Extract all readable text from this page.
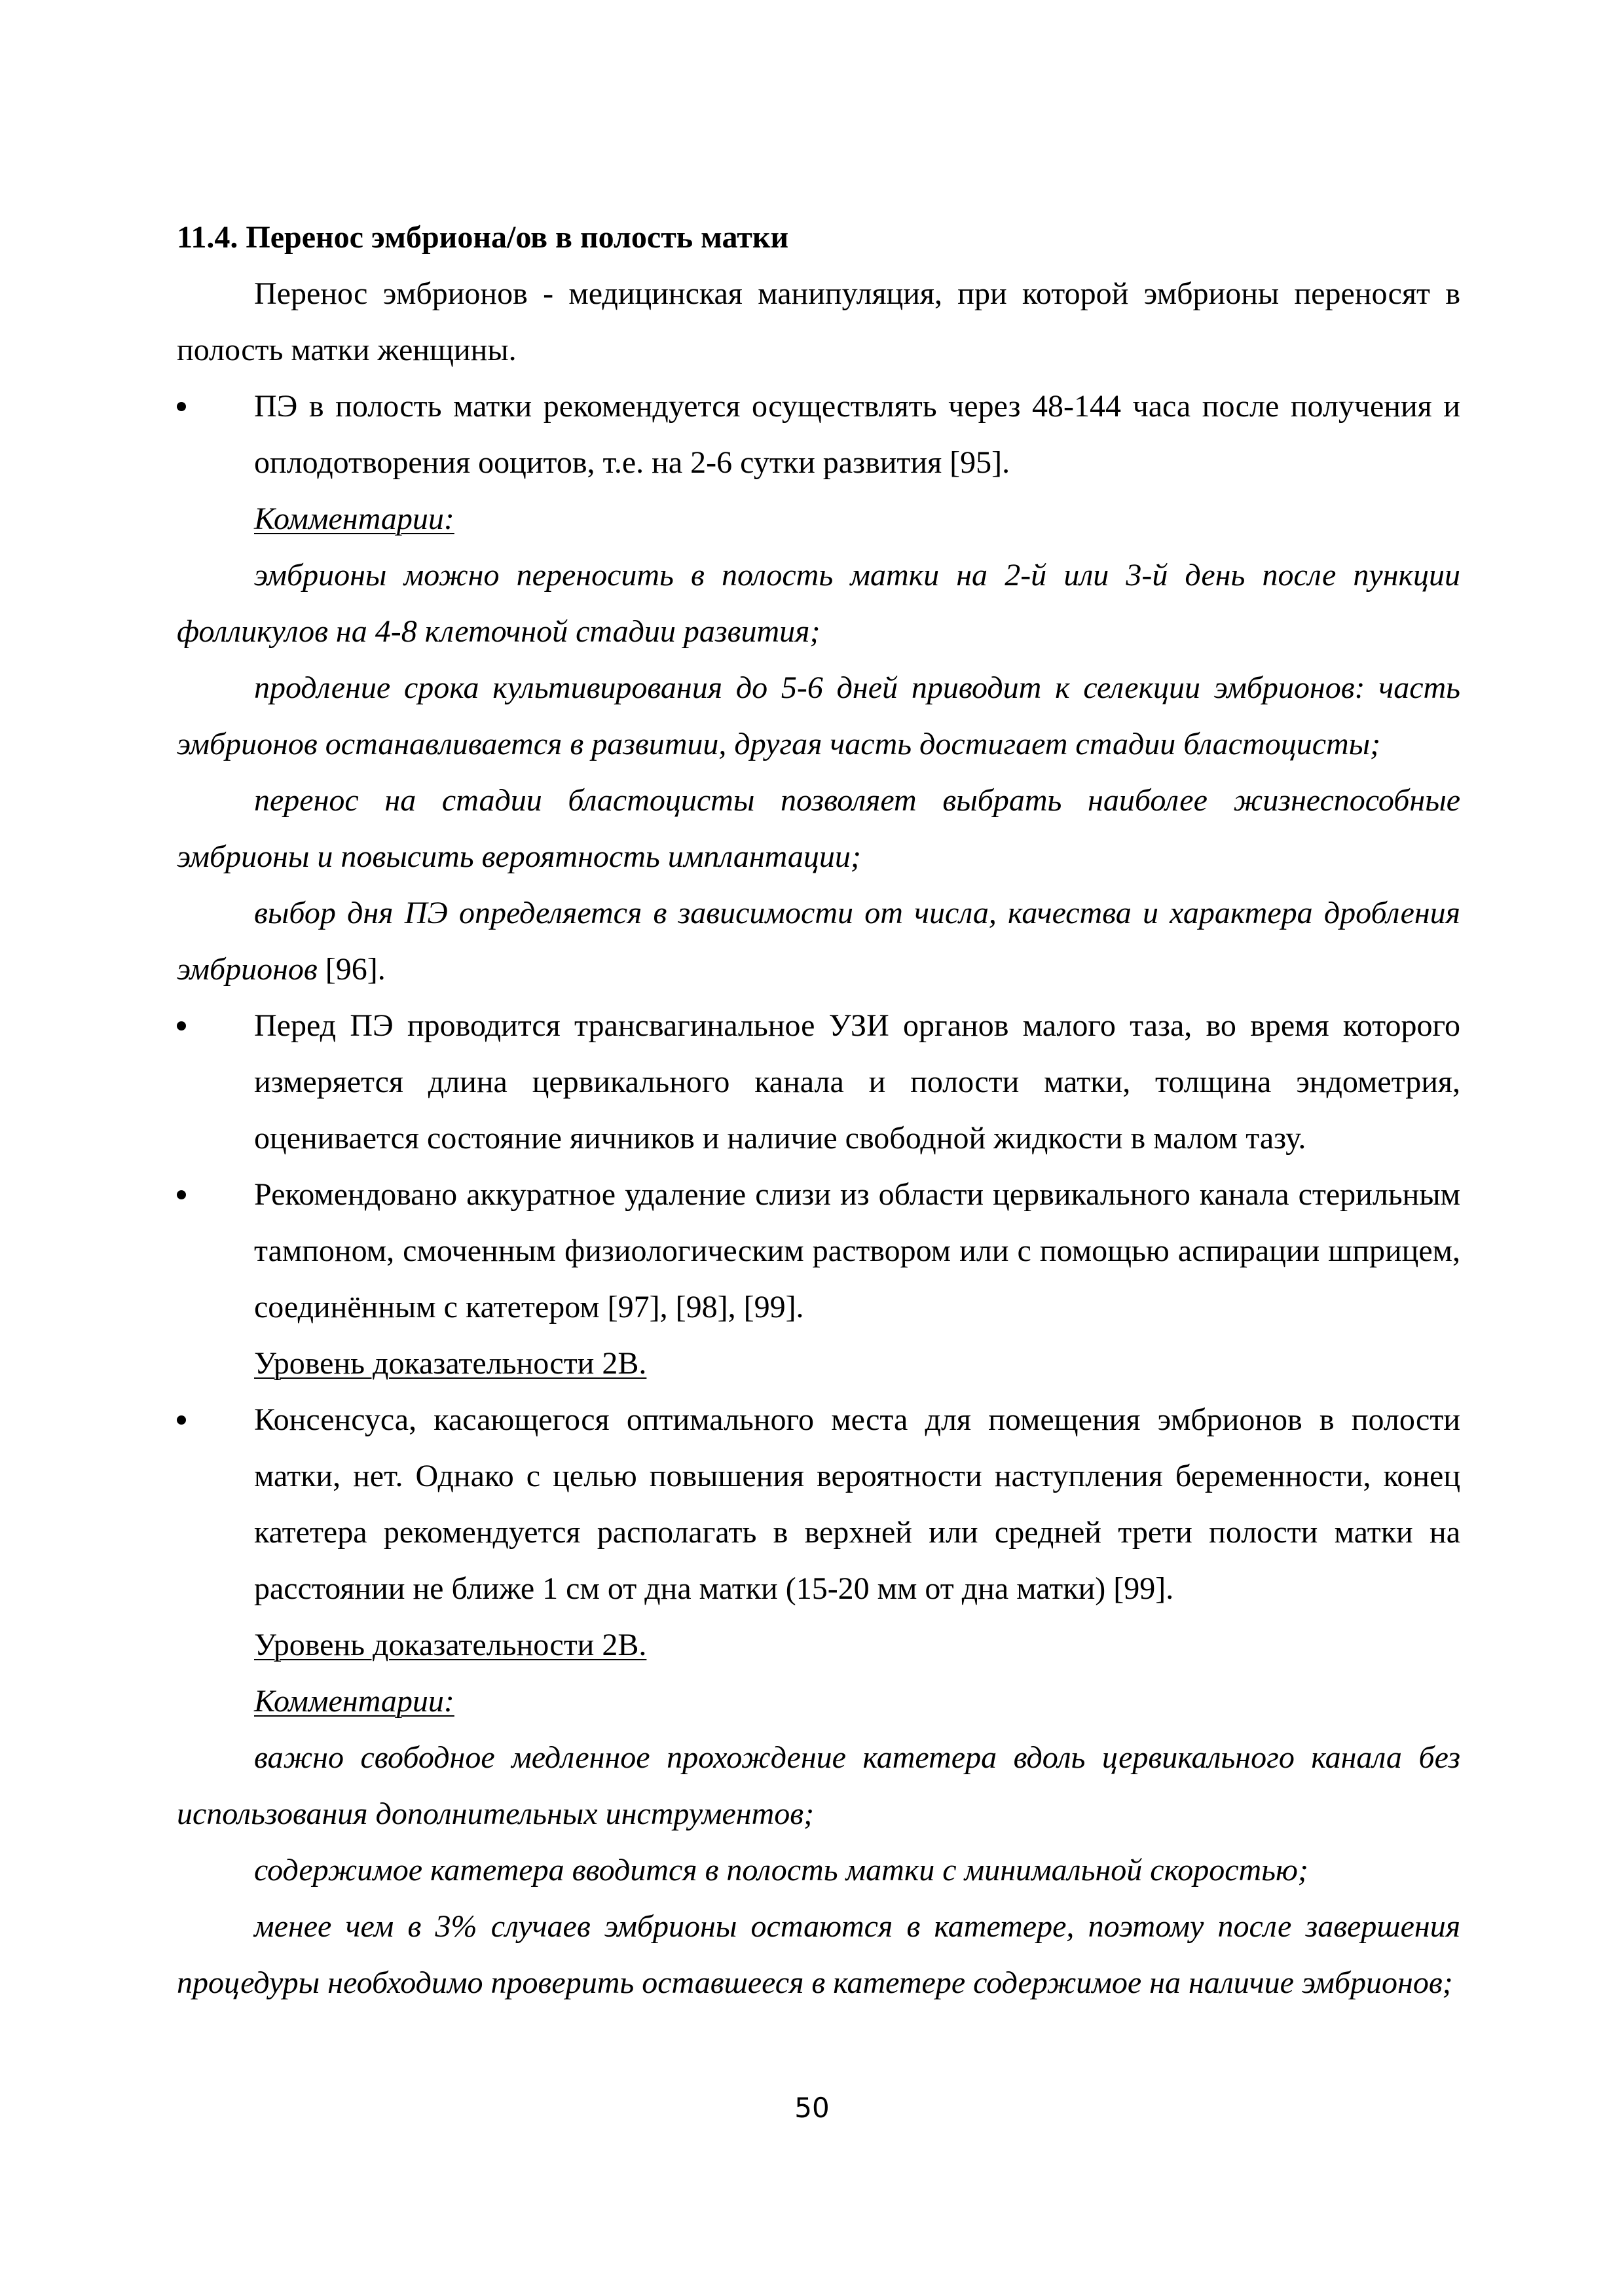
11.4. Перенос эмбриона/ов в полость матки

Перенос эмбрионов - медицинская манипуляция, при которой эмбрионы переносят в полость матки женщины.

ПЭ в полость матки рекомендуется осуществлять через 48-144 часа после получения и оплодотворения ооцитов, т.е. на 2-6 сутки развития [95].

Комментарии:

эмбрионы можно переносить в полость матки на 2-й или 3-й день после пункции фолликулов на 4-8 клеточной стадии развития;

продление срока культивирования до 5-6 дней приводит к селекции эмбрионов: часть эмбрионов останавливается в развитии, другая часть достигает стадии бластоцисты;

перенос на стадии бластоцисты позволяет выбрать наиболее жизнеспособные эмбрионы и повысить вероятность имплантации;

выбор дня ПЭ определяется в зависимости от числа, качества и характера дробления эмбрионов [96].

Перед ПЭ проводится трансвагинальное УЗИ органов малого таза, во время которого измеряется длина цервикального канала и полости матки, толщина эндометрия, оценивается состояние яичников и наличие свободной жидкости в малом тазу.
Рекомендовано аккуратное удаление слизи из области цервикального канала стерильным тампоном, смоченным физиологическим раствором или с помощью аспирации шприцем, соединённым с катетером [97], [98], [99].

Уровень доказательности 2В.

Консенсуса, касающегося оптимального места для помещения эмбрионов в полости матки, нет. Однако с целью повышения вероятности наступления беременности, конец катетера рекомендуется располагать в верхней или средней трети полости матки на расстоянии не ближе 1 см от дна матки (15-20 мм от дна матки) [99].

Уровень доказательности 2В.

Комментарии:

важно свободное медленное прохождение катетера вдоль цервикального канала без использования дополнительных инструментов;

содержимое катетера вводится в полость матки с минимальной скоростью;

менее чем в 3% случаев эмбрионы остаются в катетере, поэтому после завершения процедуры необходимо проверить оставшееся в катетере содержимое на наличие эмбрионов;

50
